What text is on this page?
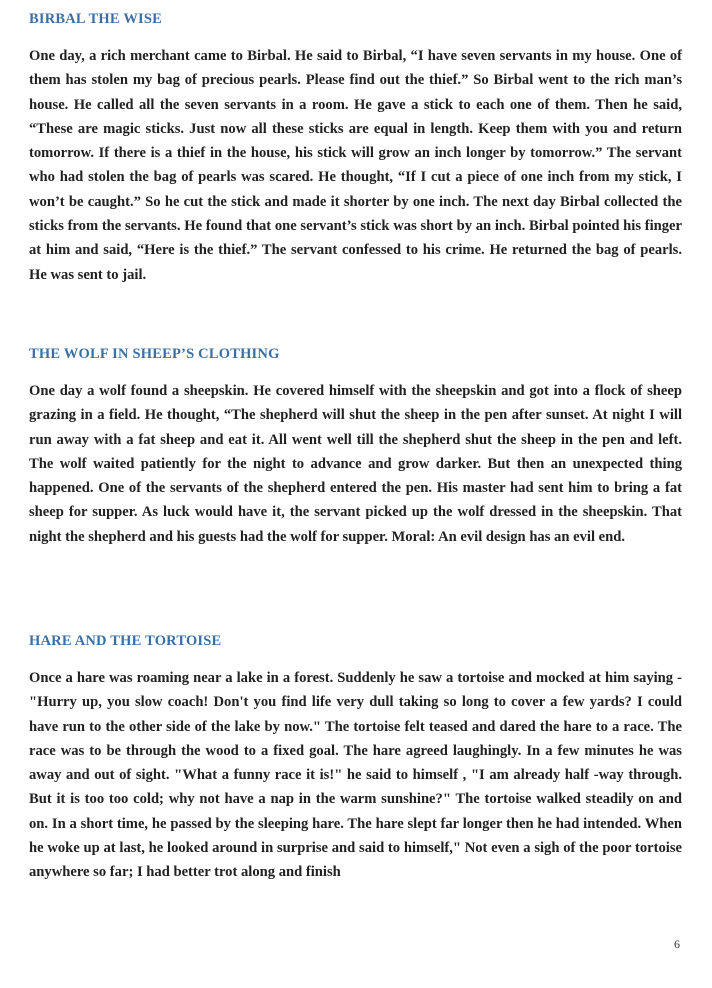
BIRBAL THE WISE

One day, a rich merchant came to Birbal. He said to Birbal, “I have seven servants in my house. One of them has stolen my bag of precious pearls. Please find out the thief.” So Birbal went to the rich man’s house. He called all the seven servants in a room. He gave a stick to each one of them. Then he said, “These are magic sticks. Just now all these sticks are equal in length. Keep them with you and return tomorrow. If there is a thief in the house, his stick will grow an inch longer by tomorrow.” The servant who had stolen the bag of pearls was scared. He thought, “If I cut a piece of one inch from my stick, I won’t be caught.” So he cut the stick and made it shorter by one inch. The next day Birbal collected the sticks from the servants. He found that one servant’s stick was short by an inch. Birbal pointed his finger at him and said, “Here is the thief.” The servant confessed to his crime. He returned the bag of pearls. He was sent to jail.

THE WOLF IN SHEEP’S CLOTHING

One day a wolf found a sheepskin. He covered himself with the sheepskin and got into a flock of sheep grazing in a field. He thought, “The shepherd will shut the sheep in the pen after sunset. At night I will run away with a fat sheep and eat it. All went well till the shepherd shut the sheep in the pen and left. The wolf waited patiently for the night to advance and grow darker. But then an unexpected thing happened. One of the servants of the shepherd entered the pen. His master had sent him to bring a fat sheep for supper. As luck would have it, the servant picked up the wolf dressed in the sheepskin. That night the shepherd and his guests had the wolf for supper. Moral: An evil design has an evil end.

HARE AND THE TORTOISE

Once a hare was roaming near a lake in a forest. Suddenly he saw a tortoise and mocked at him saying - "Hurry up, you slow coach! Don't you find life very dull taking so long to cover a few yards? I could have run to the other side of the lake by now." The tortoise felt teased and dared the hare to a race. The race was to be through the wood to a fixed goal. The hare agreed laughingly. In a few minutes he was away and out of sight. "What a funny race it is!" he said to himself , "I am already half -way through. But it is too too cold; why not have a nap in the warm sunshine?" The tortoise walked steadily on and on. In a short time, he passed by the sleeping hare. The hare slept far longer then he had intended. When he woke up at last, he looked around in surprise and said to himself," Not even a sigh of the poor tortoise anywhere so far; I had better trot along and finish

6
